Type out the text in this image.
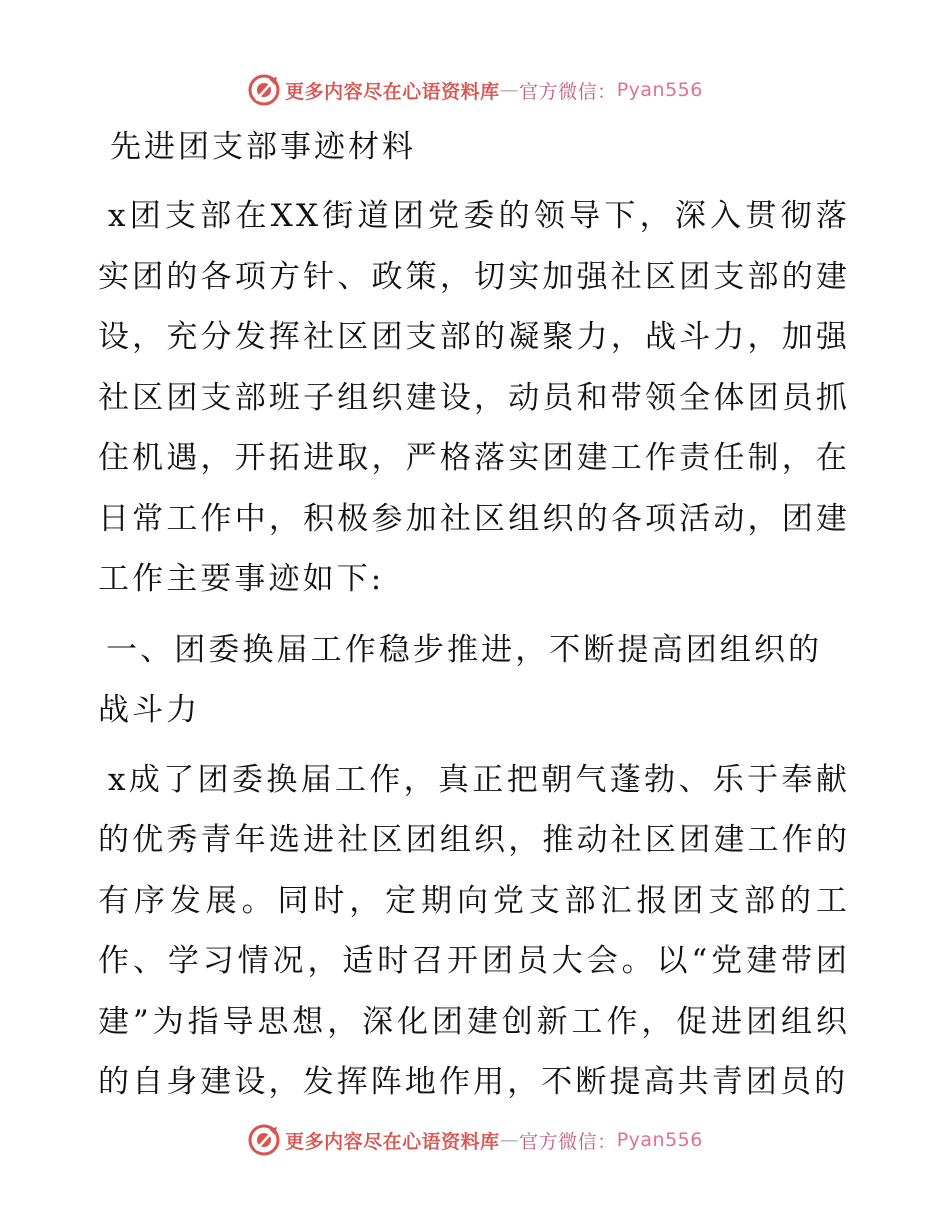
更多内容尽在心语资料库 — 官方微信： Pyan556
先进团支部事迹材料

x团支部在XX街道团党委的领导下，深入贯彻落实团的各项方针、政策，切实加强社区团支部的建设，充分发挥社区团支部的凝聚力，战斗力，加强社区团支部班子组织建设，动员和带领全体团员抓住机遇，开拓进取，严格落实团建工作责任制，在日常工作中，积极参加社区组织的各项活动，团建工作主要事迹如下:

一、团委换届工作稳步推进，不断提高团组织的战斗力

x成了团委换届工作，真正把朝气蓬勃、乐于奉献的优秀青年选进社区团组织，推动社区团建工作的有序发展。同时，定期向党支部汇报团支部的工作、学习情况，适时召开团员大会。以“党建带团建”为指导思想，深化团建创新工作，促进团组织的自身建设，发挥阵地作用，不断提高共青团员的

更多内容尽在心语资料库 — 官方微信： Pyan556
